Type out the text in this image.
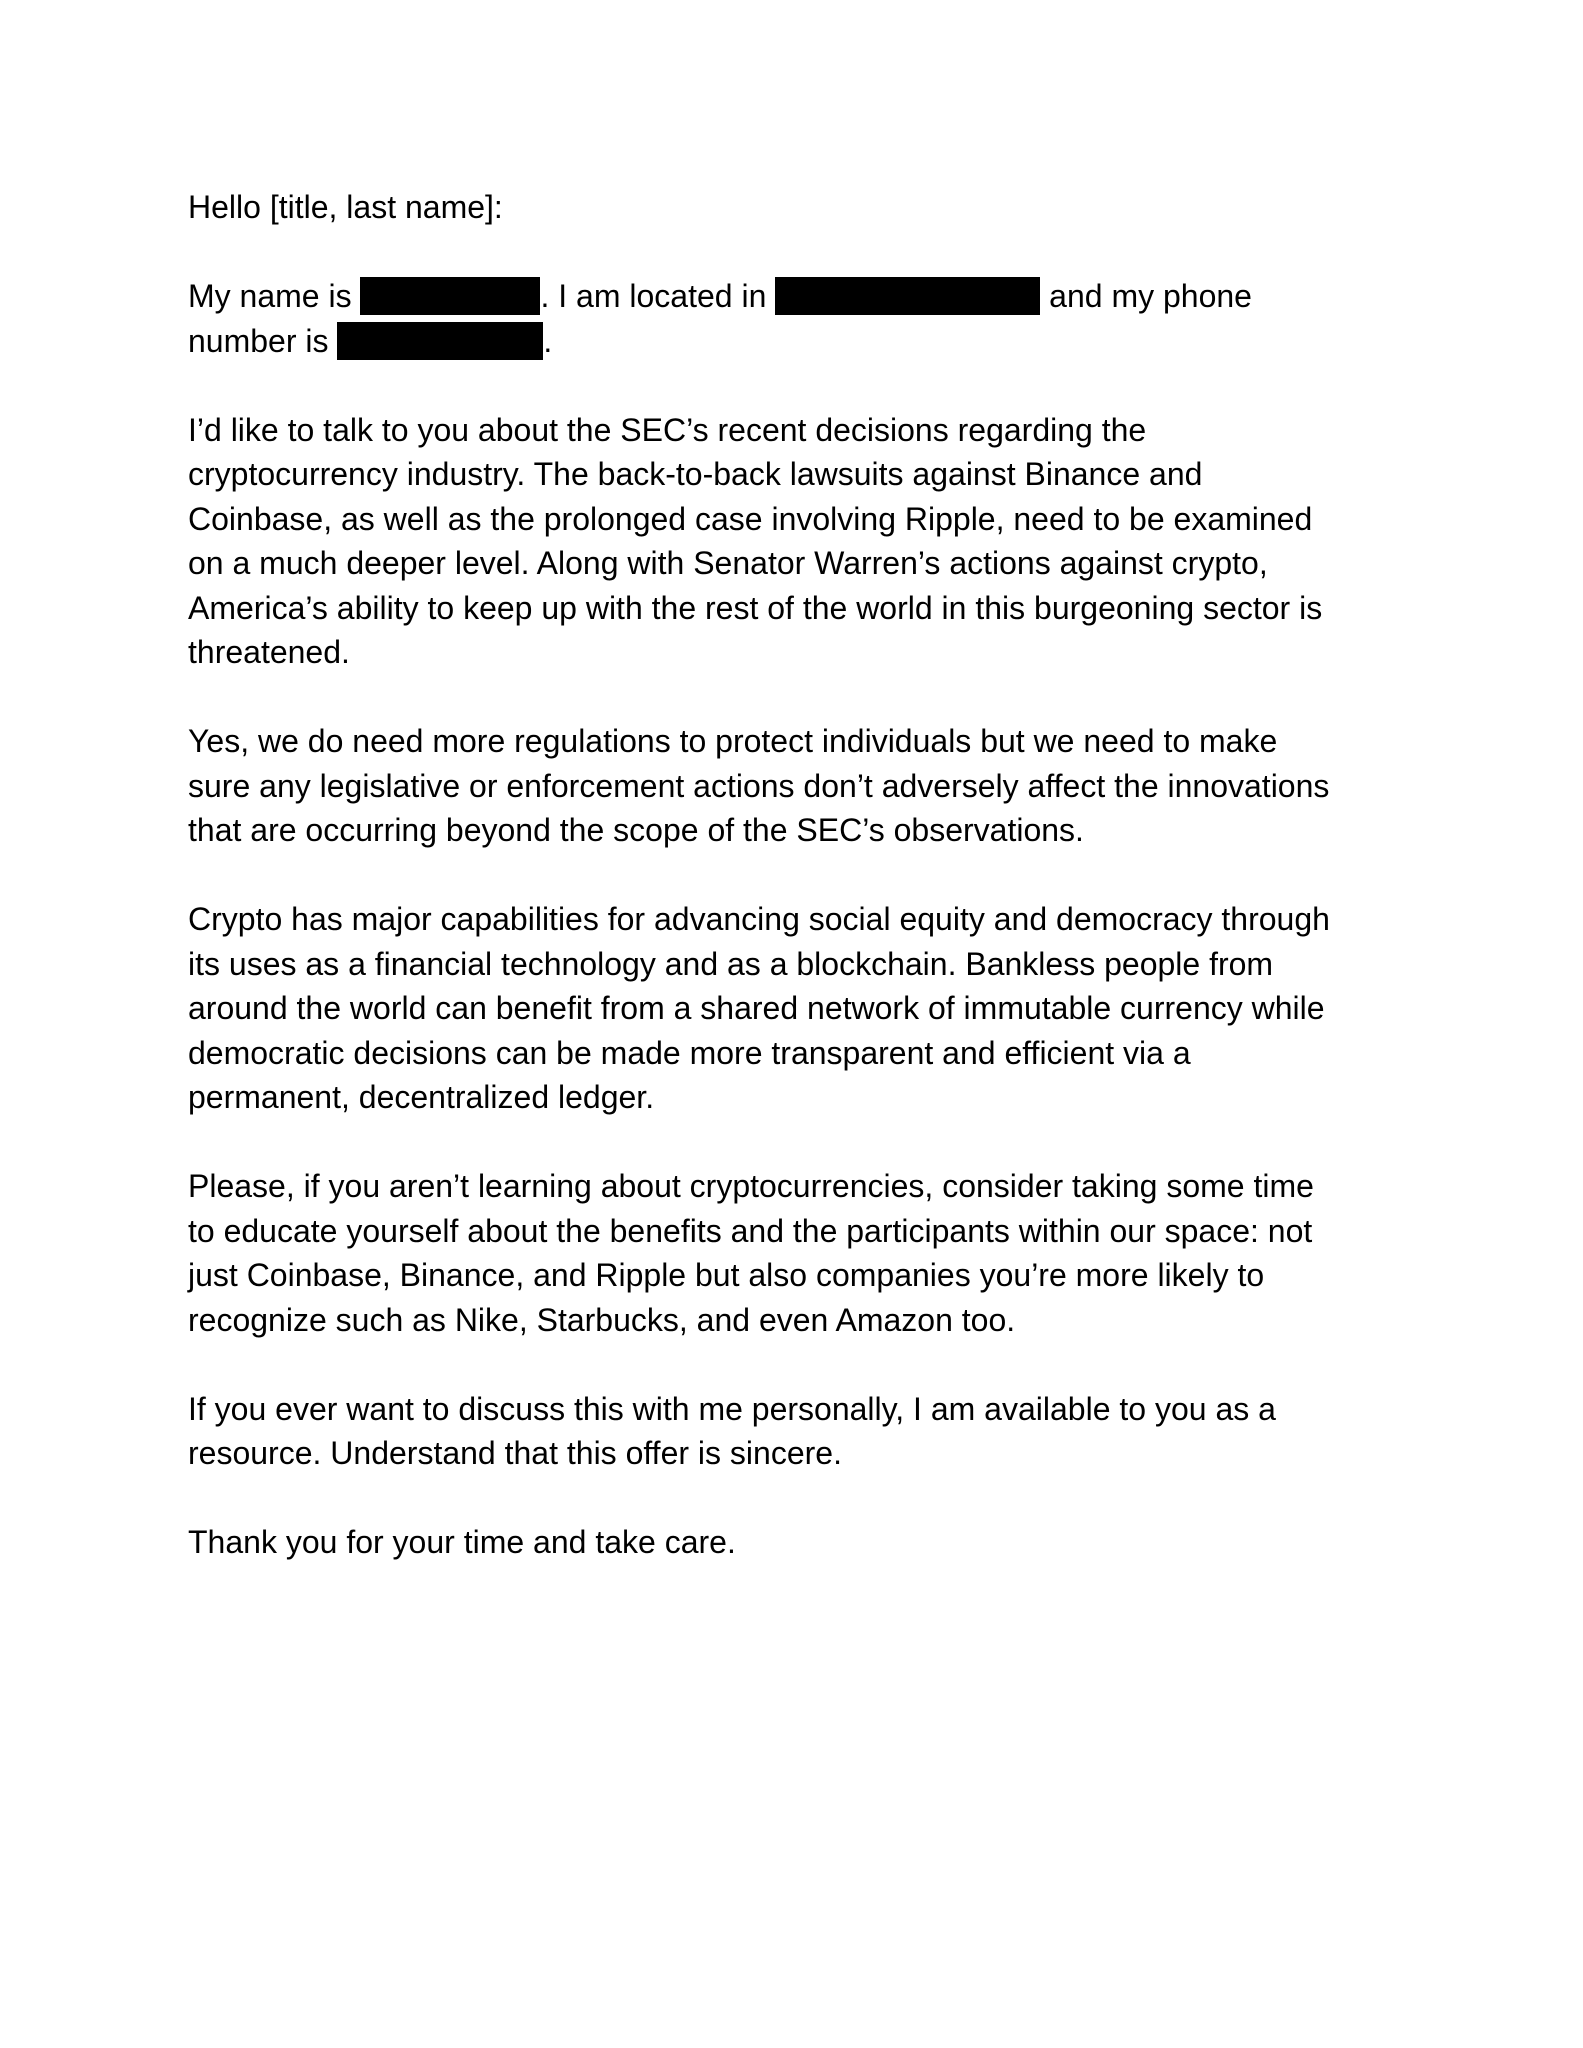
Hello [title, last name]:

My name is	. I am located in	and my phone
number is	.

I’d like to talk to you about the SEC’s recent decisions regarding the
cryptocurrency industry. The back-to-back lawsuits against Binance and
Coinbase, as well as the prolonged case involving Ripple, need to be examined
on a much deeper level. Along with Senator Warren’s actions against crypto,
America’s ability to keep up with the rest of the world in this burgeoning sector is
threatened.

Yes, we do need more regulations to protect individuals but we need to make
sure any legislative or enforcement actions don’t adversely affect the innovations
that are occurring beyond the scope of the SEC’s observations.

Crypto has major capabilities for advancing social equity and democracy through
its uses as a financial technology and as a blockchain. Bankless people from
around the world can benefit from a shared network of immutable currency while
democratic decisions can be made more transparent and efficient via a
permanent, decentralized ledger.

Please, if you aren’t learning about cryptocurrencies, consider taking some time
to educate yourself about the benefits and the participants within our space: not
just Coinbase, Binance, and Ripple but also companies you’re more likely to
recognize such as Nike, Starbucks, and even Amazon too.

If you ever want to discuss this with me personally, I am available to you as a
resource. Understand that this offer is sincere.

Thank you for your time and take care.
